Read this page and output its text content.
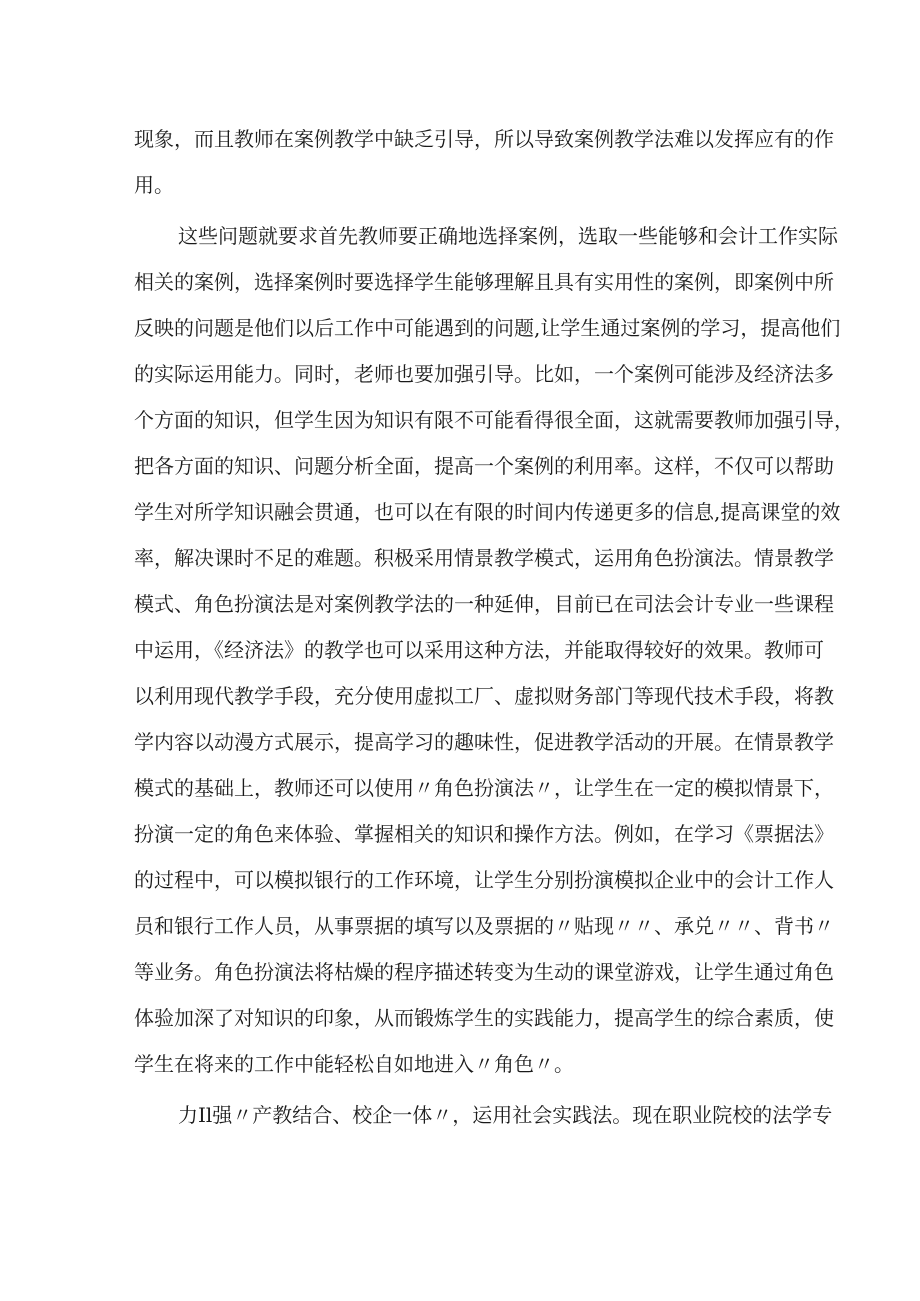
现象，而且教师在案例教学中缺乏引导，所以导致案例教学法难以发挥应有的作
用。
这些问题就要求首先教师要正确地选择案例，选取一些能够和会计工作实际
相关的案例，选择案例时要选择学生能够理解且具有实用性的案例，即案例中所
反映的问题是他们以后工作中可能遇到的问题,让学生通过案例的学习，提高他们
的实际运用能力。同时，老师也要加强引导。比如，一个案例可能涉及经济法多
个方面的知识，但学生因为知识有限不可能看得很全面，这就需要教师加强引导，
把各方面的知识、问题分析全面，提高一个案例的利用率。这样，不仅可以帮助
学生对所学知识融会贯通，也可以在有限的时间内传递更多的信息,提高课堂的效
率，解决课时不足的难题。积极采用情景教学模式，运用角色扮演法。情景教学
模式、角色扮演法是对案例教学法的一种延伸，目前已在司法会计专业一些课程
中运用，《经济法》的教学也可以采用这种方法，并能取得较好的效果。教师可
以利用现代教学手段，充分使用虚拟工厂、虚拟财务部门等现代技术手段，将教
学内容以动漫方式展示，提高学习的趣味性，促进教学活动的开展。在情景教学
模式的基础上，教师还可以使用〃角色扮演法〃，让学生在一定的模拟情景下，
扮演一定的角色来体验、掌握相关的知识和操作方法。例如，在学习《票据法》
的过程中，可以模拟银行的工作环境，让学生分别扮演模拟企业中的会计工作人
员和银行工作人员，从事票据的填写以及票据的〃贴现〃〃、承兑〃〃、背书〃
等业务。角色扮演法将枯燥的程序描述转变为生动的课堂游戏，让学生通过角色
体验加深了对知识的印象，从而锻炼学生的实践能力，提高学生的综合素质，使
学生在将来的工作中能轻松自如地进入〃角色〃。
力Il强〃产教结合、校企一体〃，运用社会实践法。现在职业院校的法学专
